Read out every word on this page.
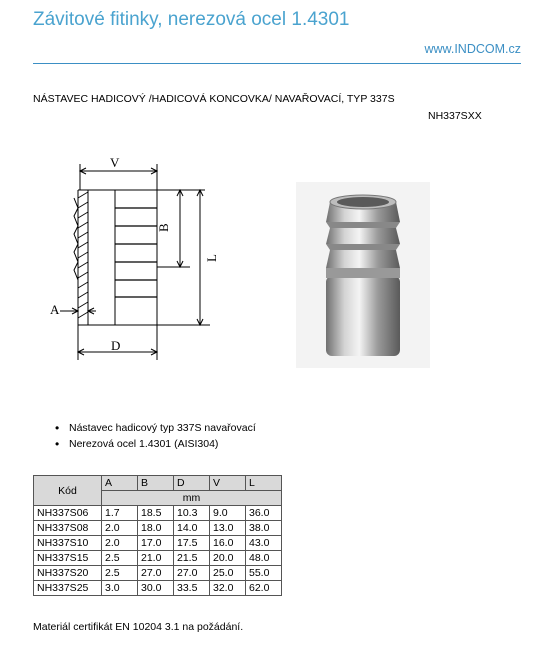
Závitové fitinky, nerezová ocel 1.4301
www.INDCOM.cz
NÁSTAVEC HADICOVÝ /HADICOVÁ KONCOVKA/ NAVAŘOVACÍ, TYP 337S
NH337SXX
V
B
L
A
D
• Nástavec hadicový typ 337S navařovací
• Nerezová ocel 1.4301 (AISI304)
Kód	A	B	D	V	L
	mm				
NH337S06	1.7	18.5	10.3	9.0	36.0
NH337S08	2.0	18.0	14.0	13.0	38.0
NH337S10	2.0	17.0	17.5	16.0	43.0
NH337S15	2.5	21.0	21.5	20.0	48.0
NH337S20	2.5	27.0	27.0	25.0	55.0
NH337S25	3.0	30.0	33.5	32.0	62.0
Materiál certifikát EN 10204 3.1 na požádání.
